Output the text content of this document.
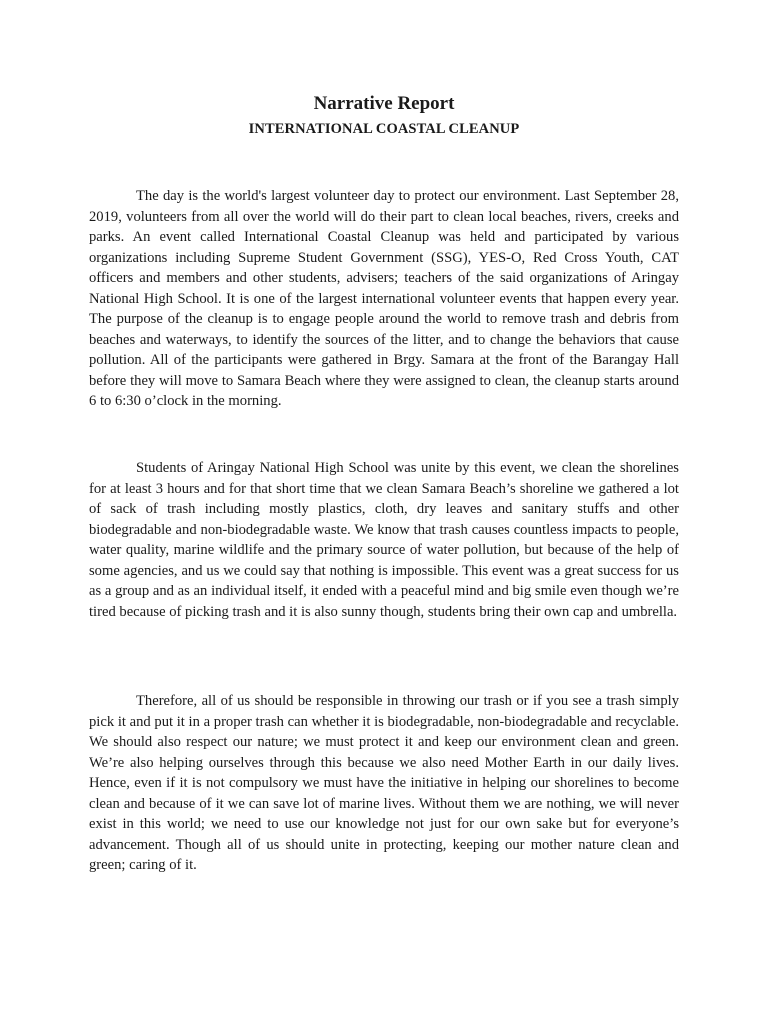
Narrative Report
INTERNATIONAL COASTAL CLEANUP

The day is the world's largest volunteer day to protect our environment. Last September 28, 2019, volunteers from all over the world will do their part to clean local beaches, rivers, creeks and parks. An event called International Coastal Cleanup was held and participated by various organizations including Supreme Student Government (SSG), YES-O, Red Cross Youth, CAT officers and members and other students, advisers; teachers of the said organizations of Aringay National High School. It is one of the largest international volunteer events that happen every year. The purpose of the cleanup is to engage people around the world to remove trash and debris from beaches and waterways, to identify the sources of the litter, and to change the behaviors that cause pollution. All of the participants were gathered in Brgy. Samara at the front of the Barangay Hall before they will move to Samara Beach where they were assigned to clean, the cleanup starts around 6 to 6:30 o’clock in the morning.

Students of Aringay National High School was unite by this event, we clean the shorelines for at least 3 hours and for that short time that we clean Samara Beach’s shoreline we gathered a lot of sack of trash including mostly plastics, cloth, dry leaves and sanitary stuffs and other biodegradable and non-biodegradable waste. We know that trash causes countless impacts to people, water quality, marine wildlife and the primary source of water pollution, but because of the help of some agencies, and us we could say that nothing is impossible. This event was a great success for us as a group and as an individual itself, it ended with a peaceful mind and big smile even though we’re tired because of picking trash and it is also sunny though, students bring their own cap and umbrella.

Therefore, all of us should be responsible in throwing our trash or if you see a trash simply pick it and put it in a proper trash can whether it is biodegradable, non-biodegradable and recyclable. We should also respect our nature; we must protect it and keep our environment clean and green. We’re also helping ourselves through this because we also need Mother Earth in our daily lives. Hence, even if it is not compulsory we must have the initiative in helping our shorelines to become clean and because of it we can save lot of marine lives. Without them we are nothing, we will never exist in this world; we need to use our knowledge not just for our own sake but for everyone’s advancement. Though all of us should unite in protecting, keeping our mother nature clean and green; caring of it.
